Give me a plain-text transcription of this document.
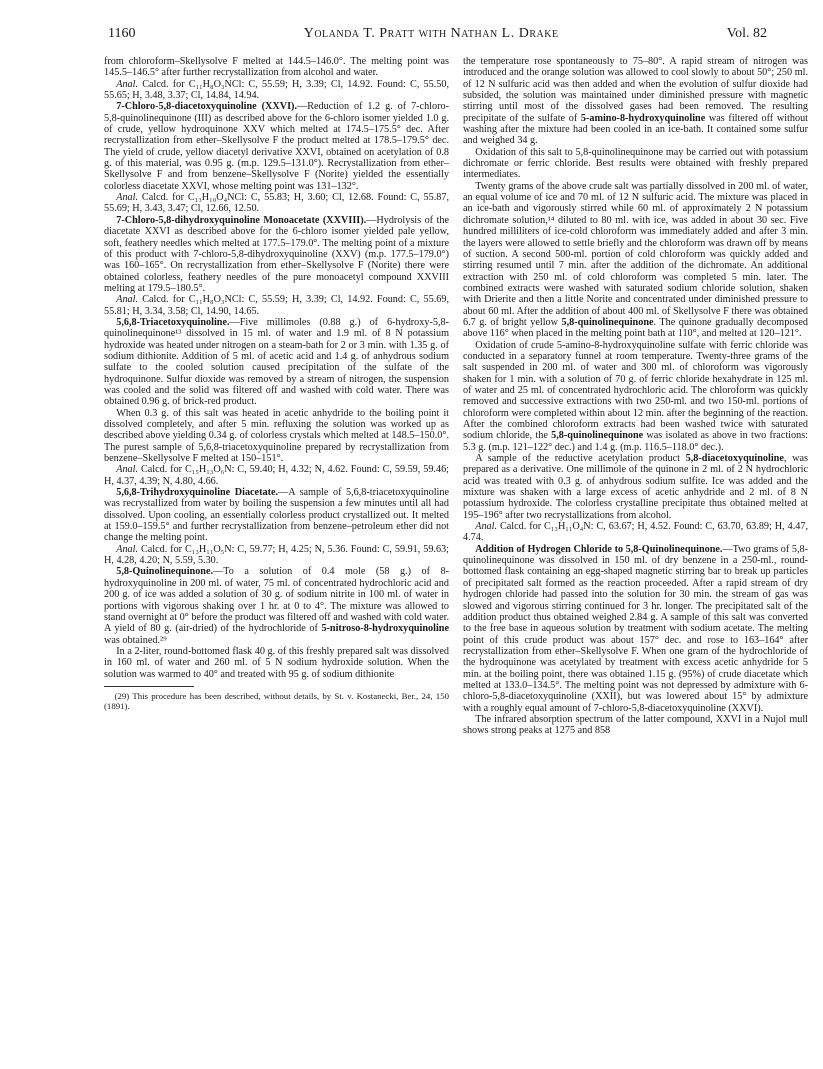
1160	Yolanda T. Pratt with Nathan L. Drake	Vol. 82

from chloroform–Skellysolve F melted at 144.5–146.0°. The melting point was 145.5–146.5° after further recrystallization from alcohol and water.

Anal. Calcd. for C₁₁H₈O₃NCl: C, 55.59; H, 3.39; Cl, 14.92. Found: C, 55.50, 55.65; H, 3.48, 3.37; Cl, 14.84, 14.94.

7-Chloro-5,8-diacetoxyquinoline (XXVI).—Reduction of 1.2 g. of 7-chloro-5,8-quinolinequinone (III) as described above for the 6-chloro isomer yielded 1.0 g. of crude, yellow hydroquinone XXV which melted at 174.5–175.5° dec. After recrystallization from ether–Skellysolve F the product melted at 178.5–179.5° dec. The yield of crude, yellow diacetyl derivative XXVI, obtained on acetylation of 0.8 g. of this material, was 0.95 g. (m.p. 129.5–131.0°). Recrystallization from ether–Skellysolve F and from benzene–Skellysolve F (Norite) yielded the essentially colorless diacetate XXVI, whose melting point was 131–132°.

Anal. Calcd. for C₁₃H₁₀O₄NCl: C, 55.83; H, 3.60; Cl, 12.68. Found: C, 55.87, 55.69; H, 3.43, 3.47; Cl, 12.66, 12.50.

7-Chloro-5,8-dihydroxyquinoline Monoacetate (XXVIII).—Hydrolysis of the diacetate XXVI as described above for the 6-chloro isomer yielded pale yellow, soft, feathery needles which melted at 177.5–179.0°. The melting point of a mixture of this product with 7-chloro-5,8-dihydroxyquinoline (XXV) (m.p. 177.5–179.0°) was 160–165°. On recrystallization from ether–Skellysolve F (Norite) there were obtained colorless, feathery needles of the pure monoacetyl compound XXVIII melting at 179.5–180.5°.

Anal. Calcd. for C₁₁H₈O₃NCl: C, 55.59; H, 3.39; Cl, 14.92. Found: C, 55.69, 55.81; H, 3.34, 3.58; Cl, 14.90, 14.65.

5,6,8-Triacetoxyquinoline.—Five millimoles (0.88 g.) of 6-hydroxy-5,8-quinolinequinone¹³ dissolved in 15 ml. of water and 1.9 ml. of 8 N potassium hydroxide was heated under nitrogen on a steam-bath for 2 or 3 min. with 1.35 g. of sodium dithionite. Addition of 5 ml. of acetic acid and 1.4 g. of anhydrous sodium sulfate to the cooled solution caused precipitation of the sulfate of the hydroquinone. Sulfur dioxide was removed by a stream of nitrogen, the suspension was cooled and the solid was filtered off and washed with cold water. There was obtained 0.96 g. of brick-red product.

When 0.3 g. of this salt was heated in acetic anhydride to the boiling point it dissolved completely, and after 5 min. refluxing the solution was worked up as described above yielding 0.34 g. of colorless crystals which melted at 148.5–150.0°. The purest sample of 5,6,8-triacetoxyquinoline prepared by recrystallization from benzene–Skellysolve F melted at 150–151°.

Anal. Calcd. for C₁₅H₁₃O₆N: C, 59.40; H, 4.32; N, 4.62. Found: C, 59.59, 59.46; H, 4.37, 4.39; N, 4.80, 4.66.

5,6,8-Trihydroxyquinoline Diacetate.—A sample of 5,6,8-triacetoxyquinoline was recrystallized from water by boiling the suspension a few minutes until all had dissolved. Upon cooling, an essentially colorless product crystallized out. It melted at 159.0–159.5° and further recrystallization from benzene–petroleum ether did not change the melting point.

Anal. Calcd. for C₁₃H₁₁O₅N: C, 59.77; H, 4.25; N, 5.36. Found: C, 59.91, 59.63; H, 4.28, 4.20; N, 5.59, 5.30.

5,8-Quinolinequinone.—To a solution of 0.4 mole (58 g.) of 8-hydroxyquinoline in 200 ml. of water, 75 ml. of concentrated hydrochloric acid and 200 g. of ice was added a solution of 30 g. of sodium nitrite in 100 ml. of water in portions with vigorous shaking over 1 hr. at 0 to 4°. The mixture was allowed to stand overnight at 0° before the product was filtered off and washed with cold water. A yield of 80 g. (air-dried) of the hydrochloride of 5-nitroso-8-hydroxyquinoline was obtained.²⁹

In a 2-liter, round-bottomed flask 40 g. of this freshly prepared salt was dissolved in 160 ml. of water and 260 ml. of 5 N sodium hydroxide solution. When the solution was warmed to 40° and treated with 95 g. of sodium dithionite

(29) This procedure has been described, without details, by St. v. Kostanecki, Ber., 24, 150 (1891).

the temperature rose spontaneously to 75–80°. A rapid stream of nitrogen was introduced and the orange solution was allowed to cool slowly to about 50°; 250 ml. of 12 N sulfuric acid was then added and when the evolution of sulfur dioxide had subsided, the solution was maintained under diminished pressure with magnetic stirring until most of the dissolved gases had been removed. The resulting precipitate of the sulfate of 5-amino-8-hydroxyquinoline was filtered off without washing after the mixture had been cooled in an ice-bath. It contained some sulfur and weighed 34 g.

Oxidation of this salt to 5,8-quinolinequinone may be carried out with potassium dichromate or ferric chloride. Best results were obtained with freshly prepared intermediates.

Twenty grams of the above crude salt was partially dissolved in 200 ml. of water, an equal volume of ice and 70 ml. of 12 N sulfuric acid. The mixture was placed in an ice-bath and vigorously stirred while 60 ml. of approximately 2 N potassium dichromate solution,¹⁴ diluted to 80 ml. with ice, was added in about 30 sec. Five hundred milliliters of ice-cold chloroform was immediately added and after 3 min. the layers were allowed to settle briefly and the chloroform was drawn off by means of suction. A second 500-ml. portion of cold chloroform was quickly added and stirring resumed until 7 min. after the addition of the dichromate. An additional extraction with 250 ml. of cold chloroform was completed 5 min. later. The combined extracts were washed with saturated sodium chloride solution, shaken with Drierite and then a little Norite and concentrated under diminished pressure to about 60 ml. After the addition of about 400 ml. of Skellysolve F there was obtained 6.7 g. of bright yellow 5,8-quinolinequinone. The quinone gradually decomposed above 116° when placed in the melting point bath at 110°, and melted at 120–121°.

Oxidation of crude 5-amino-8-hydroxyquinoline sulfate with ferric chloride was conducted in a separatory funnel at room temperature. Twenty-three grams of the salt suspended in 200 ml. of water and 300 ml. of chloroform was vigorously shaken for 1 min. with a solution of 70 g. of ferric chloride hexahydrate in 125 ml. of water and 25 ml. of concentrated hydrochloric acid. The chloroform was quickly removed and successive extractions with two 250-ml. and two 150-ml. portions of chloroform were completed within about 12 min. after the beginning of the reaction. After the combined chloroform extracts had been washed twice with saturated sodium chloride, the 5,8-quinolinequinone was isolated as above in two fractions: 5.3 g. (m.p. 121–122° dec.) and 1.4 g. (m.p. 116.5–118.0° dec.).

A sample of the reductive acetylation product 5,8-diacetoxyquinoline, was prepared as a derivative. One millimole of the quinone in 2 ml. of 2 N hydrochloric acid was treated with 0.3 g. of anhydrous sodium sulfite. Ice was added and the mixture was shaken with a large excess of acetic anhydride and 2 ml. of 8 N potassium hydroxide. The colorless crystalline precipitate thus obtained melted at 195–196° after two recrystallizations from alcohol.

Anal. Calcd. for C₁₃H₁₁O₄N: C, 63.67; H, 4.52. Found: C, 63.70, 63.89; H, 4.47, 4.74.

Addition of Hydrogen Chloride to 5,8-Quinolinequinone.—Two grams of 5,8-quinolinequinone was dissolved in 150 ml. of dry benzene in a 250-ml., round-bottomed flask containing an egg-shaped magnetic stirring bar to break up particles of precipitated salt formed as the reaction proceeded. After a rapid stream of dry hydrogen chloride had passed into the solution for 30 min. the stream of gas was slowed and vigorous stirring continued for 3 hr. longer. The precipitated salt of the addition product thus obtained weighed 2.84 g. A sample of this salt was converted to the free base in aqueous solution by treatment with sodium acetate. The melting point of this crude product was about 157° dec. and rose to 163–164° after recrystallization from ether–Skellysolve F. When one gram of the hydrochloride of the hydroquinone was acetylated by treatment with excess acetic anhydride for 5 min. at the boiling point, there was obtained 1.15 g. (95%) of crude diacetate which melted at 133.0–134.5°. The melting point was not depressed by admixture with 6-chloro-5,8-diacetoxyquinoline (XXII), but was lowered about 15° by admixture with a roughly equal amount of 7-chloro-5,8-diacetoxyquinoline (XXVI).

The infrared absorption spectrum of the latter compound, XXVI in a Nujol mull shows strong peaks at 1275 and 858
